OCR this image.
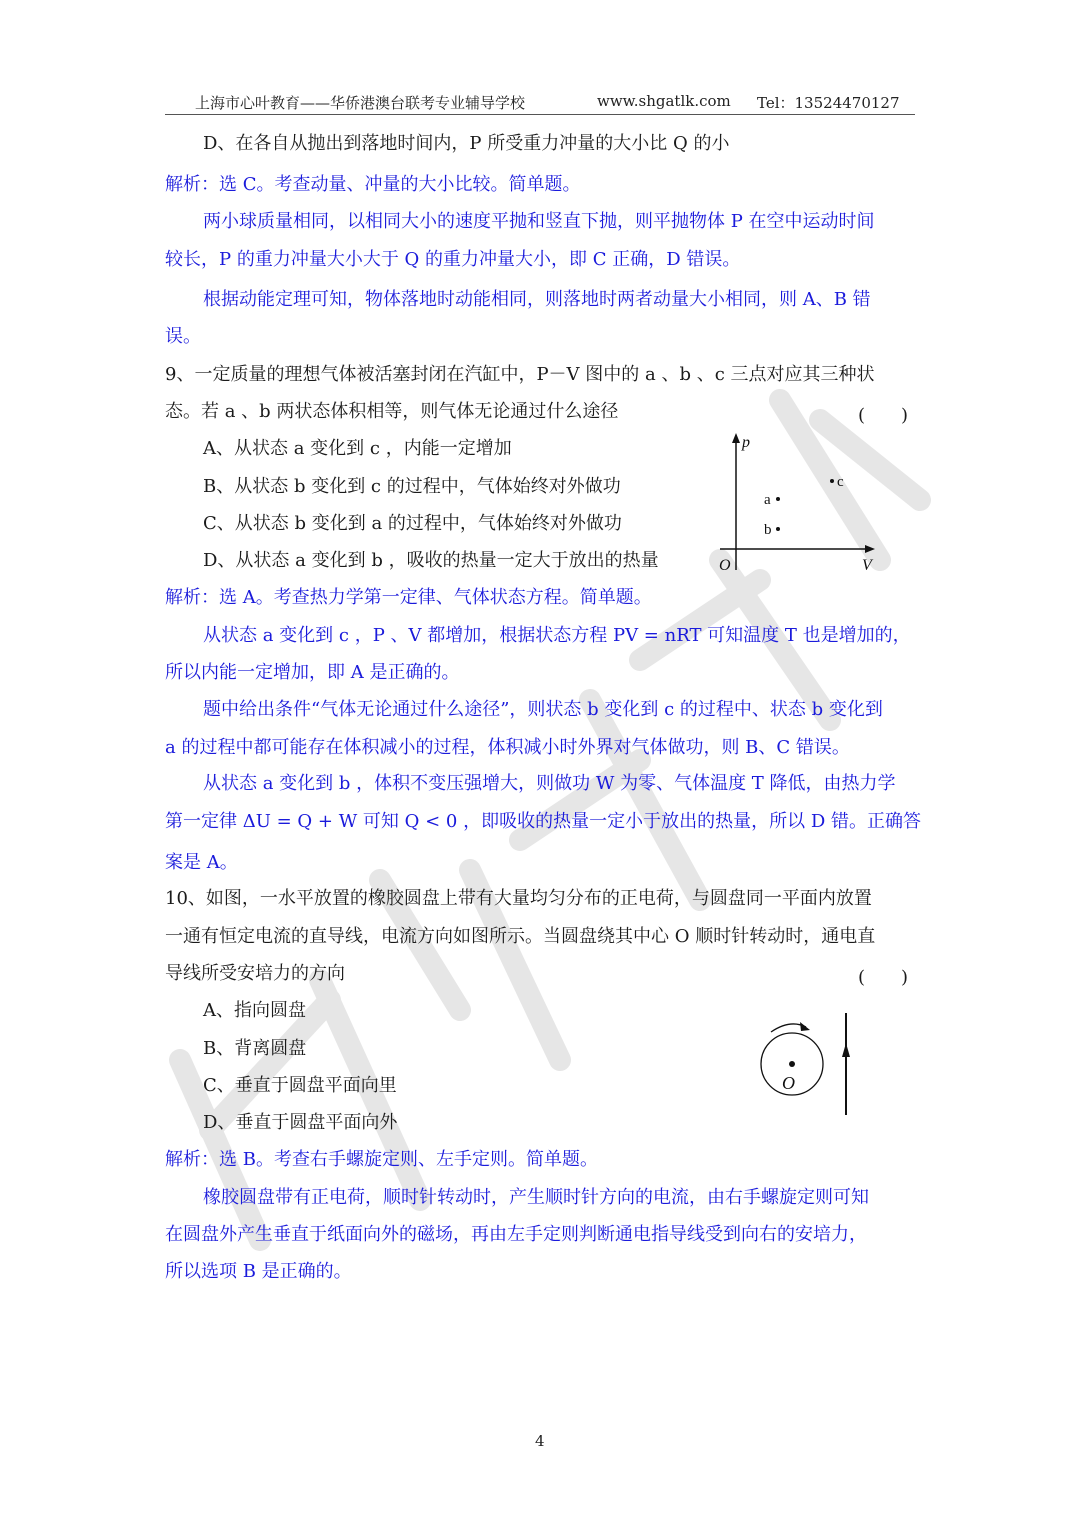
上海市心叶教育——华侨港澳台联考专业辅导学校	www.shgatlk.com Tel：13524470127
D、在各自从抛出到落地时间内，P 所受重力冲量的大小比 Q 的小
解析：选 C。考查动量、冲量的大小比较。简单题。
两小球质量相同，以相同大小的速度平抛和竖直下抛，则平抛物体 P 在空中运动时间
较长，P 的重力冲量大小大于 Q 的重力冲量大小，即 C 正确，D 错误。
根据动能定理可知，物体落地时动能相同，则落地时两者动量大小相同，则 A、B 错
误。
9、一定质量的理想气体被活塞封闭在汽缸中，P－V 图中的 a 、b 、c 三点对应其三种状
态。若 a 、b 两状态体积相等，则气体无论通过什么途径	(　　)
A、从状态 a 变化到 c ，内能一定增加
B、从状态 b 变化到 c 的过程中，气体始终对外做功
C、从状态 b 变化到 a 的过程中，气体始终对外做功
D、从状态 a 变化到 b ，吸收的热量一定大于放出的热量
p
V
O
a
b
c
解析：选 A。考查热力学第一定律、气体状态方程。简单题。
从状态 a 变化到 c ，P 、V 都增加，根据状态方程 PV = nRT 可知温度 T 也是增加的，
所以内能一定增加，即 A 是正确的。
题中给出条件“气体无论通过什么途径”，则状态 b 变化到 c 的过程中、状态 b 变化到
a 的过程中都可能存在体积减小的过程，体积减小时外界对气体做功，则 B、C 错误。
从状态 a 变化到 b ，体积不变压强增大，则做功 W 为零、气体温度 T 降低，由热力学
第一定律 ΔU = Q + W 可知 Q < 0 ，即吸收的热量一定小于放出的热量，所以 D 错。正确答
案是 A。
10、如图，一水平放置的橡胶圆盘上带有大量均匀分布的正电荷，与圆盘同一平面内放置
一通有恒定电流的直导线，电流方向如图所示。当圆盘绕其中心 O 顺时针转动时，通电直
导线所受安培力的方向	(　　)
A、指向圆盘
B、背离圆盘
C、垂直于圆盘平面向里
D、垂直于圆盘平面向外
O
解析：选 B。考查右手螺旋定则、左手定则。简单题。
橡胶圆盘带有正电荷，顺时针转动时，产生顺时针方向的电流，由右手螺旋定则可知
在圆盘外产生垂直于纸面向外的磁场，再由左手定则判断通电指导线受到向右的安培力，
所以选项 B 是正确的。
4
